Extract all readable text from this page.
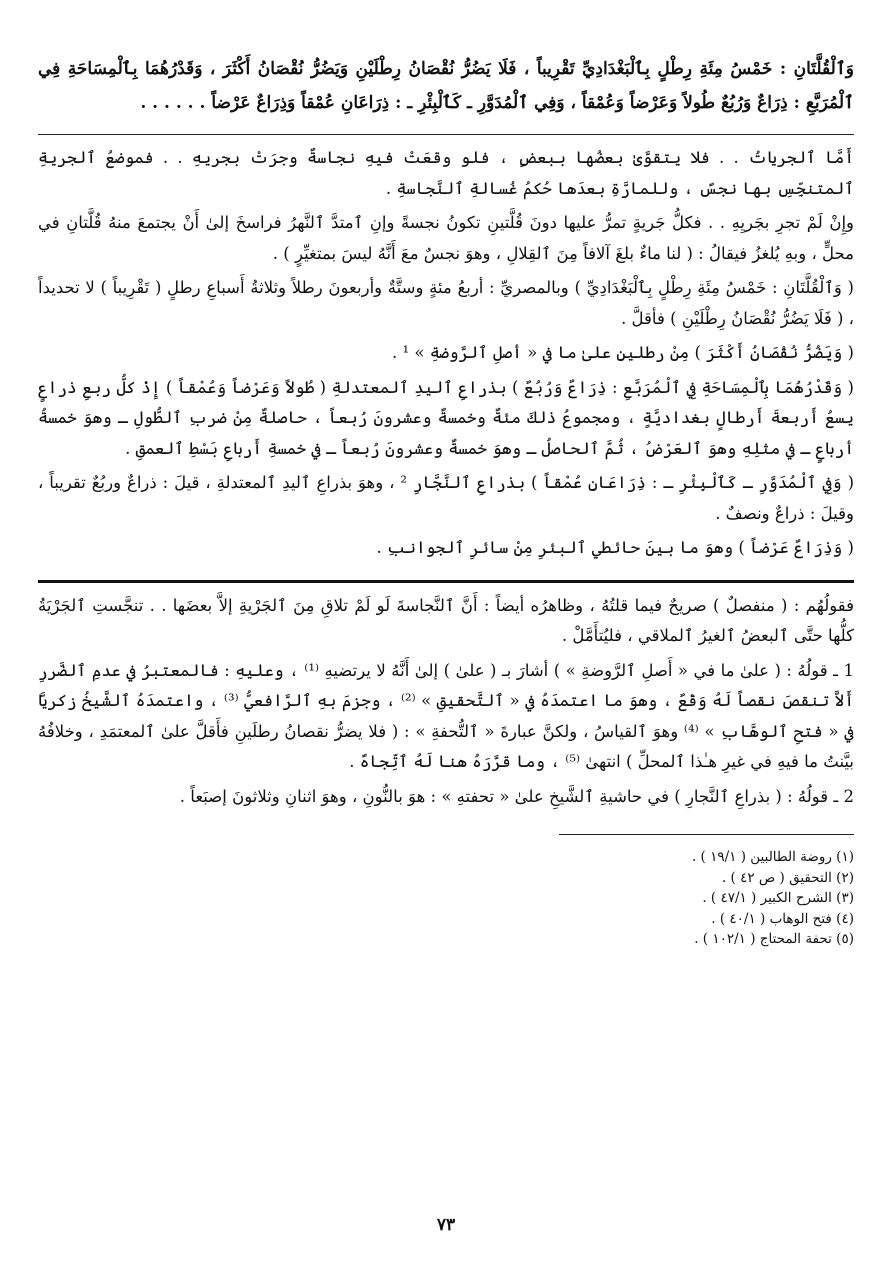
وَٱلْقُلَّتَانِ : خَمْسُ مِئَةِ رِطْلٍ بِٱلْبَغْدَادِيِّ تَقْرِيباً ، فَلَا يَضُرُّ نُقْصَانُ رِطْلَيْنِ وَيَضُرُّ نُقْصَانُ أَكْثَرَ ، وَقَدْرُهُمَا بِٱلْمِسَاحَةِ فِي ٱلْمُرَبَّعِ : ذِرَاعٌ وَرُبُعٌ طُولاً وَعَرْضاً وَعُمْقاً ، وَفِي ٱلْمُدَوَّرِ ـ كَٱلْبِئْرِ ـ : ذِرَاعَانِ عُمْقاً وَذِرَاعٌ عَرْضاً . . . . . .

أَمَّا ٱلجرياتُ . . فلا يتقوَّىٰ بعضُها ببعضٍ ، فلو وقعَتْ فيهِ نجاسةٌ وجرَتْ بجريهِ . . فموضعُ ٱلجريةِ ٱلمتنجِّسِ بها نجسٌ ، وللمارَّةِ بعدَها حُكمُ غُسالةِ ٱلنَّجاسةِ .

وإِنْ لَمْ تجرِ بجَريِهِ . . فكلُّ جَريةٍ تمرُّ عليها دونَ قُلَّتينِ تكونُ نجسةً وإنِ ٱمتدَّ ٱلنَّهرُ فراسخَ إلىٰ أَنْ يجتمعَ منهُ قُلَّتانِ في محلٍّ ، وبهِ يُلغزُ فيقالُ : ( لنا ماءٌ بلغَ آلافاً مِنَ ٱلقِلالِ ، وهوَ نجسٌ معَ أَنَّهُ ليسَ بمتغيِّرٍ ) .

( وَٱلْقُلَّتَانِ : خَمْسُ مِئَةِ رِطْلٍ بِٱلْبَغْدَادِيِّ ) وبالمصريِّ : أربعُ مئةٍ وستَّةٌ وأربعونَ رطلاً وثلاثةُ أَسباعِ رطلٍ ( تَقْرِيباً ) لا تحديداً ، ( فَلَا يَضُرُّ نُقْصَانُ رِطْلَيْنِ ) فأقلَّ .

( وَيَضُرُّ نُقْصَانُ أَكْثَرَ ) مِنْ رطلينِ علىٰ ما في « أصلِ ٱلرَّوضةِ » ¹ .

( وَقَدْرُهُمَا بِٱلْمِسَاحَةِ فِي ٱلْمُرَبَّعِ : ذِرَاعٌ وَرُبُعٌ ) بذراعِ ٱليدِ ٱلمعتدلةِ ( طُولاً وَعَرْضاً وَعُمْقاً ) إِذْ كلُّ ربعِ ذراعٍ يسعُ أَربعةَ أَرطالٍ بغداديَّةٍ ، ومجموعُ ذلكَ مئةٌ وخمسةٌ وعشرونَ رُبعاً ، حاصلةٌ مِنْ ضربِ ٱلطُّولِ ـ وهوَ خمسةُ أرباعٍ ـ في مثلِهِ وهوَ ٱلعَرْضُ ، ثُمَّ ٱلحاصلُ ـ وهوَ خمسةٌ وعشرونَ رُبعاً ـ في خمسةِ أَرباعِ بَسْطِ ٱلعمقِ .

( وَفِي ٱلْمُدَوَّرِ ـ كَٱلْبِئْرِ ـ : ذِرَاعَانِ عُمْقاً ) بذراعِ ٱلنَّجَّارِ ² ، وهوَ بذراعِ ٱليدِ ٱلمعتدلةِ ، قيلَ : ذراعٌ وربُعٌ تقريباً ، وقيلَ : ذراعٌ ونصفٌ .

( وَذِرَاعٌ عَرْضاً ) وهوَ ما بينَ حائطي ٱلبئرِ مِنْ سائرِ ٱلجوانبِ .

فقولُهُم : ( منفصلٌ ) صريحٌ فيما قلتُهُ ، وظاهرُه أيضاً : أَنَّ ٱلنَّجاسةَ لَو لَمْ تلاقِ مِنَ ٱلجَرْيةِ إلاَّ بعضَها . . تنجَّستِ ٱلجَرْيَةُ كلُّها حتَّى ٱلبعضُ ٱلغيرُ ٱلملاقي ، فليُتأَمَّلْ .

1 ـ قولُهُ : ( علىٰ ما في « أَصلِ ٱلرَّوضةِ » ) أشارَ بـ ( علىٰ ) إلىٰ أَنَّهُ لا يرتضيهِ ⁽¹⁾ ، وعليهِ : فالمعتبرُ في عدمِ ٱلضَّررِ أَلاَّ تنقصَ نقصاً لَهُ وَقْعٌ ، وهوَ ما اعتمدَهُ في « ٱلتَّحقيقِ » ⁽²⁾ ، وجزمَ بهِ ٱلرَّافعيُّ ⁽³⁾ ، واعتمدَهُ ٱلشَّيخُ زكريَّا في « فتحِ ٱلوهَّابِ » ⁽⁴⁾ وهوَ ٱلقياسُ ، ولكنَّ عبارةَ « ٱلتُّحفةِ » : ( فلا يضرُّ نقصانُ رطلَينِ فأَقلَّ علىٰ ٱلمعتمَدِ ، وخلافُهُ بيَّنتُ ما فيهِ في غيرِ هـٰذا ٱلمحلِّ ) انتهىٰ ⁽⁵⁾ ، وما قرَّرَهُ هنا لَهُ ٱتِّجاهٌ .

2 ـ قولُهُ : ( بذراعِ ٱلنَّجارِ ) في حاشيةِ ٱلشَّيخِ علىٰ « تحفتهِ » : هوَ بالنُّونِ ، وهوَ اثنانِ وثلاثونَ إصبَعاً .

(١) روضة الطالبين ( ١٩/١ ) .
(٢) التحقيق ( ص ٤٢ ) .
(٣) الشرح الكبير ( ٤٧/١ ) .
(٤) فتح الوهاب ( ٤٠/١ ) .
(٥) تحفة المحتاج ( ١٠٢/١ ) .
٧٣
